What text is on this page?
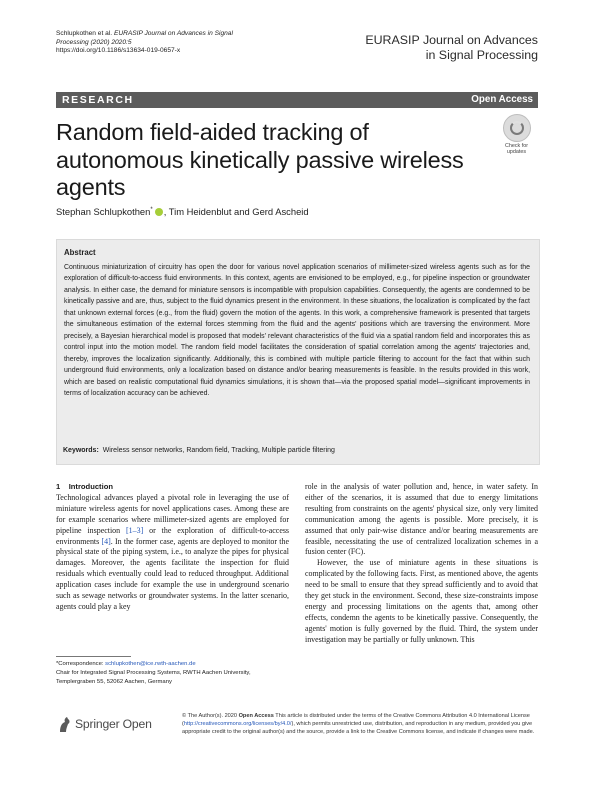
Schlupkothen et al. EURASIP Journal on Advances in Signal
Processing (2020) 2020:5
https://doi.org/10.1186/s13634-019-0657-x
EURASIP Journal on Advances
in Signal Processing
RESEARCH	Open Access
Random field-aided tracking of autonomous kinetically passive wireless agents
Check for
updates
Stephan Schlupkothen* , Tim Heidenblut and Gerd Ascheid
Abstract
Continuous miniaturization of circuitry has open the door for various novel application scenarios of millimeter-sized wireless agents such as for the exploration of difficult-to-access fluid environments. In this context, agents are envisioned to be employed, e.g., for pipeline inspection or groundwater analysis. In either case, the demand for miniature sensors is incompatible with propulsion capabilities. Consequently, the agents are condemned to be kinetically passive and are, thus, subject to the fluid dynamics present in the environment. In these situations, the localization is complicated by the fact that unknown external forces (e.g., from the fluid) govern the motion of the agents. In this work, a comprehensive framework is presented that targets the simultaneous estimation of the external forces stemming from the fluid and the agents' positions which are traversing the environment. More precisely, a Bayesian hierarchical model is proposed that models' relevant characteristics of the fluid via a spatial random field and incorporates this as control input into the motion model. The random field model facilitates the consideration of spatial correlation among the agents' trajectories and, thereby, improves the localization significantly. Additionally, this is combined with multiple particle filtering to account for the fact that within such underground fluid environments, only a localization based on distance and/or bearing measurements is feasible. In the results provided in this work, which are based on realistic computational fluid dynamics simulations, it is shown that—via the proposed spatial model—significant improvements in terms of localization accuracy can be achieved.
Keywords: Wireless sensor networks, Random field, Tracking, Multiple particle filtering
1 Introduction
Technological advances played a pivotal role in leveraging the use of miniature wireless agents for novel applications cases. Among these are for example scenarios where millimeter-sized agents are employed for pipeline inspection [1–3] or the exploration of difficult-to-access environments [4]. In the former case, agents are deployed to monitor the physical state of the piping system, i.e., to analyze the pipes for physical damages. Moreover, the agents facilitate the inspection for fluid residuals which eventually could lead to reduced throughput. Additional application cases include for example the use in underground scenario such as sewage networks or groundwater systems. In the latter scenario, agents could play a key
role in the analysis of water pollution and, hence, in water safety. In either of the scenarios, it is assumed that due to energy limitations resulting from constraints on the agents' physical size, only very limited communication among the agents is possible. More precisely, it is assumed that only pair-wise distance and/or bearing measurements are feasible, necessitating the use of centralized localization schemes in a fusion center (FC).
However, the use of miniature agents in these situations is complicated by the following facts. First, as mentioned above, the agents need to be small to ensure that they spread sufficiently and to avoid that they get stuck in the environment. Second, these size-constraints impose energy and processing limitations on the agents that, among other effects, condemn the agents to be kinetically passive. Consequently, the agents' motion is fully governed by the fluid. Third, the system under investigation may be partially or fully unknown. This
*Correspondence: schlupkothen@ice.rwth-aachen.de
Chair for Integrated Signal Processing Systems, RWTH Aachen University,
Templergraben 55, 52062 Aachen, Germany
Springer Open
© The Author(s). 2020 Open Access This article is distributed under the terms of the Creative Commons Attribution 4.0 International License (http://creativecommons.org/licenses/by/4.0/), which permits unrestricted use, distribution, and reproduction in any medium, provided you give appropriate credit to the original author(s) and the source, provide a link to the Creative Commons license, and indicate if changes were made.
